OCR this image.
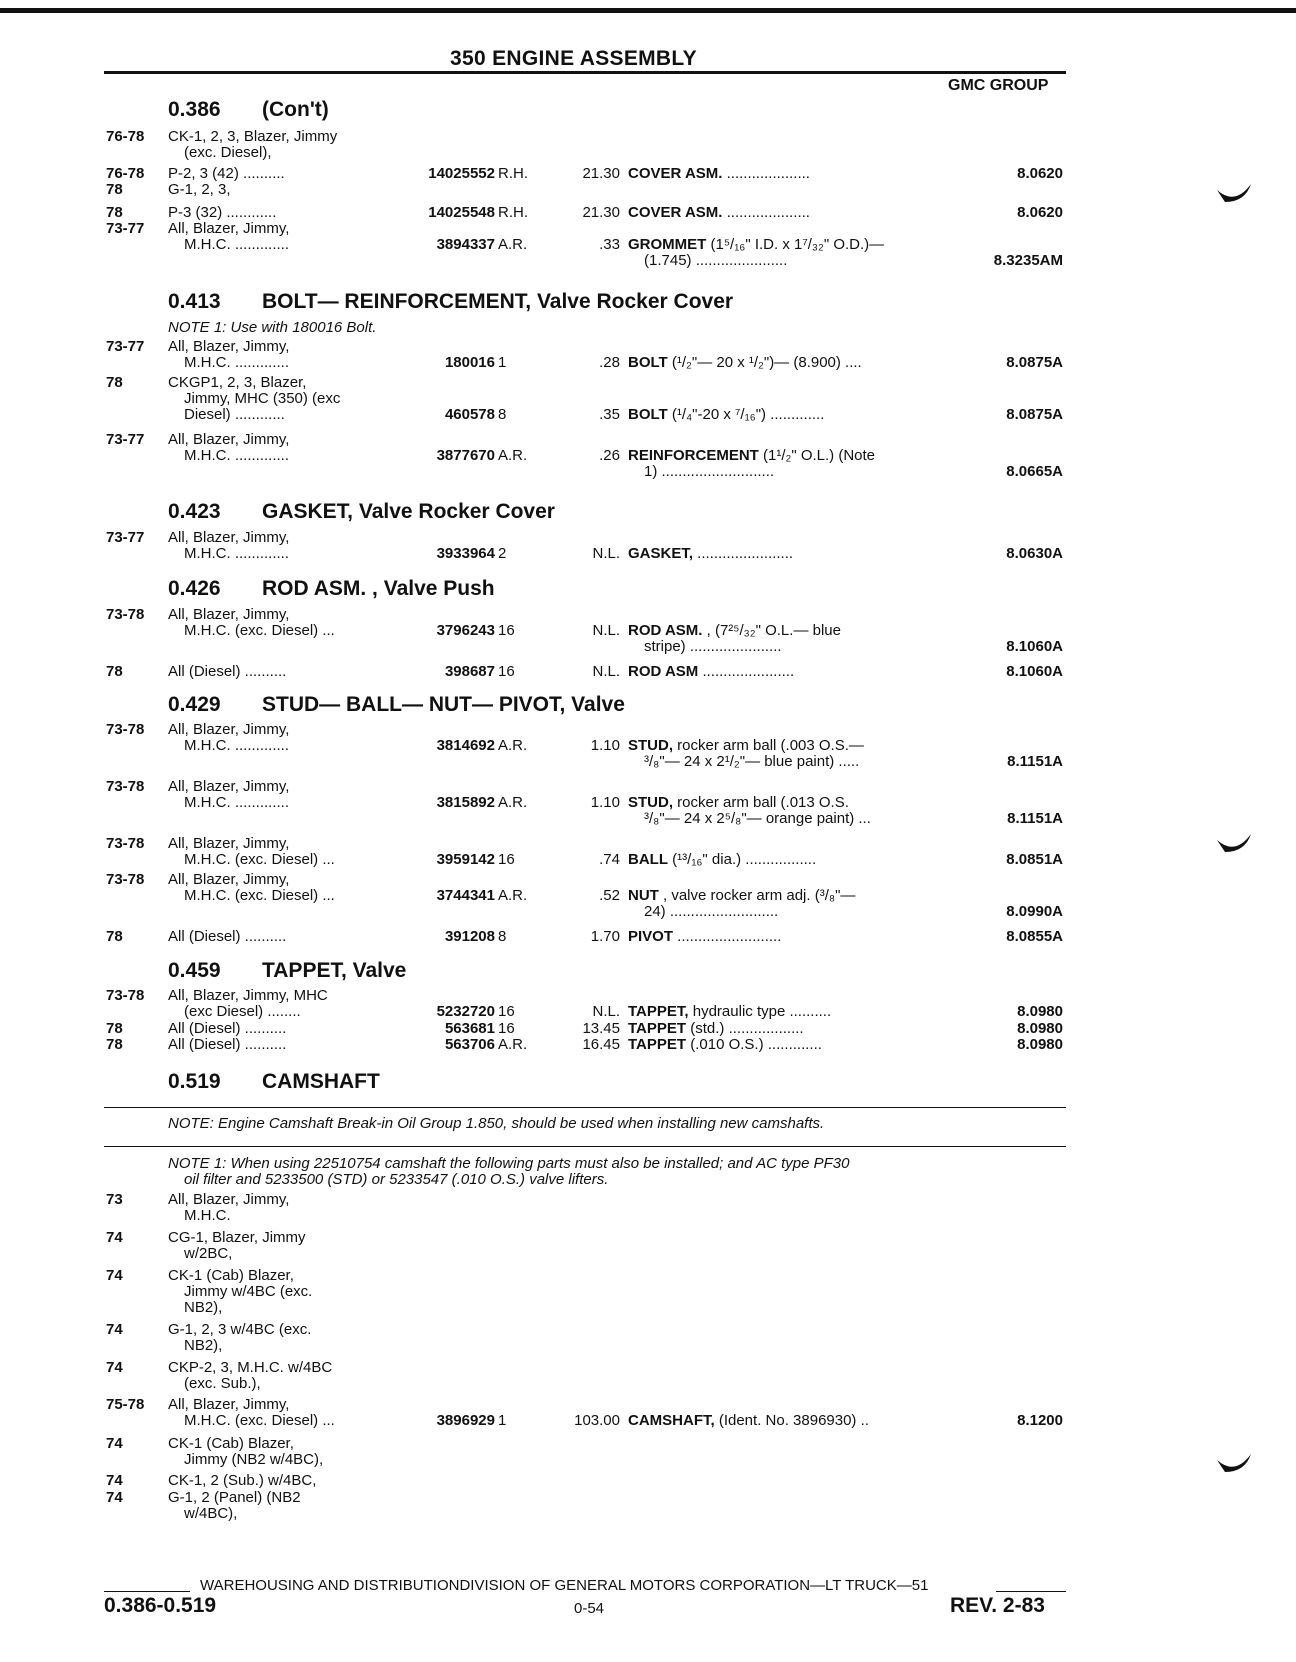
350 ENGINE ASSEMBLY
GMC GROUP
0.386 (Con't)
0.413 BOLT— REINFORCEMENT, Valve Rocker Cover
0.423 GASKET, Valve Rocker Cover
0.426 ROD ASM. , Valve Push
0.429 STUD— BALL— NUT— PIVOT, Valve
0.459 TAPPET, Valve
0.519 CAMSHAFT
NOTE 1: Use with 180016 Bolt.
NOTE: Engine Camshaft Break-in Oil Group 1.850, should be used when installing new camshafts.
NOTE 1: When using 22510754 camshaft the following parts must also be installed; and AC type PF30
oil filter and 5233500 (STD) or 5233547 (.010 O.S.) valve lifters.
76-78 CK-1, 2, 3, Blazer, Jimmy
(exc. Diesel),
76-78 P-2, 3 (42) ..........	14025552 R.H.	21.30 COVER ASM. ....................	8.0620
78	G-1, 2, 3,
78	P-3 (32) ............	14025548 R.H.	21.30 COVER ASM. ....................	8.0620
73-77 All, Blazer, Jimmy,
M.H.C. .............	3894337 A.R.	.33 GROMMET (1⁵/₁₆" I.D. x 1⁷/₃₂" O.D.)—
(1.745) ......................	8.3235AM
73-77 All, Blazer, Jimmy,
M.H.C. .............	180016 1	.28 BOLT (¹/₂"— 20 x ¹/₂")— (8.900) ....	8.0875A
78	CKGP1, 2, 3, Blazer,
Jimmy, MHC (350) (exc
Diesel) ............	460578 8	.35 BOLT (¹/₄"-20 x ⁷/₁₆") .............	8.0875A
73-77 All, Blazer, Jimmy,
M.H.C. .............	3877670 A.R.	.26 REINFORCEMENT (1¹/₂" O.L.) (Note
1) ...........................	8.0665A
73-77 All, Blazer, Jimmy,
M.H.C. .............	3933964 2	N.L. GASKET, .......................	8.0630A
73-78 All, Blazer, Jimmy,
M.H.C. (exc. Diesel) ...	3796243 16	N.L. ROD ASM. , (7²⁵/₃₂" O.L.— blue
stripe) ......................	8.1060A
78	All (Diesel) ..........	398687 16	N.L. ROD ASM ......................	8.1060A
73-78 All, Blazer, Jimmy,
M.H.C. .............	3814692 A.R.	1.10 STUD, rocker arm ball (.003 O.S.—
³/₈"— 24 x 2¹/₂"— blue paint) .....	8.1151A
73-78 All, Blazer, Jimmy,
M.H.C. .............	3815892 A.R.	1.10 STUD, rocker arm ball (.013 O.S.
³/₈"— 24 x 2⁵/₈"— orange paint) ...	8.1151A
73-78 All, Blazer, Jimmy,
M.H.C. (exc. Diesel) ...	3959142 16	.74 BALL (¹³/₁₆" dia.) .................	8.0851A
73-78 All, Blazer, Jimmy,
M.H.C. (exc. Diesel) ...	3744341 A.R.	.52 NUT , valve rocker arm adj. (³/₈"—
24) ..........................	8.0990A
78	All (Diesel) ..........	391208 8	1.70 PIVOT .........................	8.0855A
73-78 All, Blazer, Jimmy, MHC
(exc Diesel) ........	5232720 16	N.L. TAPPET, hydraulic type ..........	8.0980
78	All (Diesel) ..........	563681 16	13.45 TAPPET (std.) ..................	8.0980
78	All (Diesel) ..........	563706 A.R.	16.45 TAPPET (.010 O.S.) .............	8.0980
73	All, Blazer, Jimmy,
M.H.C.
74	CG-1, Blazer, Jimmy
w/2BC,
74	CK-1 (Cab) Blazer,
Jimmy w/4BC (exc.
NB2),
74	G-1, 2, 3 w/4BC (exc.
NB2),
74	CKP-2, 3, M.H.C. w/4BC
(exc. Sub.),
75-78 All, Blazer, Jimmy,
M.H.C. (exc. Diesel) ...	3896929 1	103.00 CAMSHAFT, (Ident. No. 3896930) ..	8.1200
74	CK-1 (Cab) Blazer,
Jimmy (NB2 w/4BC),
74	CK-1, 2 (Sub.) w/4BC,
74	G-1, 2 (Panel) (NB2
w/4BC),
WAREHOUSING AND DISTRIBUTIONDIVISION OF GENERAL MOTORS CORPORATION—LT TRUCK—51
0.386-0.519	0-54	REV. 2-83
